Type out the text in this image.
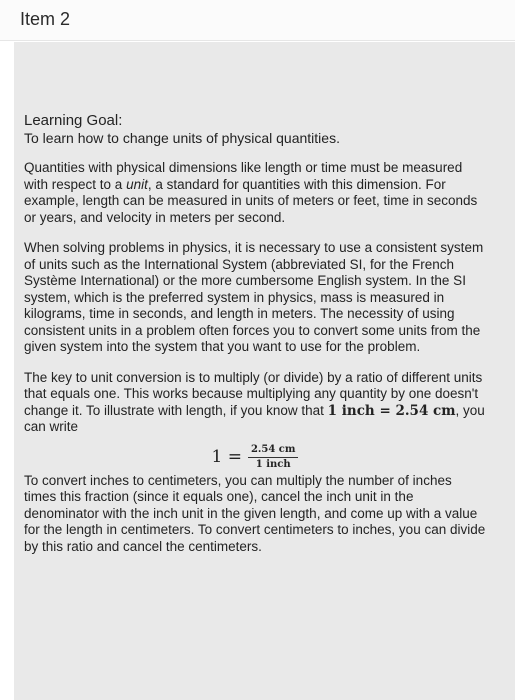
Item 2

Learning Goal:

To learn how to change units of physical quantities.

Quantities with physical dimensions like length or time must be measured with respect to a unit, a standard for quantities with this dimension. For example, length can be measured in units of meters or feet, time in seconds or years, and velocity in meters per second.

When solving problems in physics, it is necessary to use a consistent system of units such as the International System (abbreviated SI, for the French Système International) or the more cumbersome English system. In the SI system, which is the preferred system in physics, mass is measured in kilograms, time in seconds, and length in meters. The necessity of using consistent units in a problem often forces you to convert some units from the given system into the system that you want to use for the problem.

The key to unit conversion is to multiply (or divide) by a ratio of different units that equals one. This works because multiplying any quantity by one doesn't change it. To illustrate with length, if you know that 1 inch = 2.54 cm, you can write

$1 = \frac{2.54 cm}{\text{1 inch}}$

To convert inches to centimeters, you can multiply the number of inches times this fraction (since it equals one), cancel the inch unit in the denominator with the inch unit in the given length, and come up with a value for the length in centimeters. To convert centimeters to inches, you can divide by this ratio and cancel the centimeters.
